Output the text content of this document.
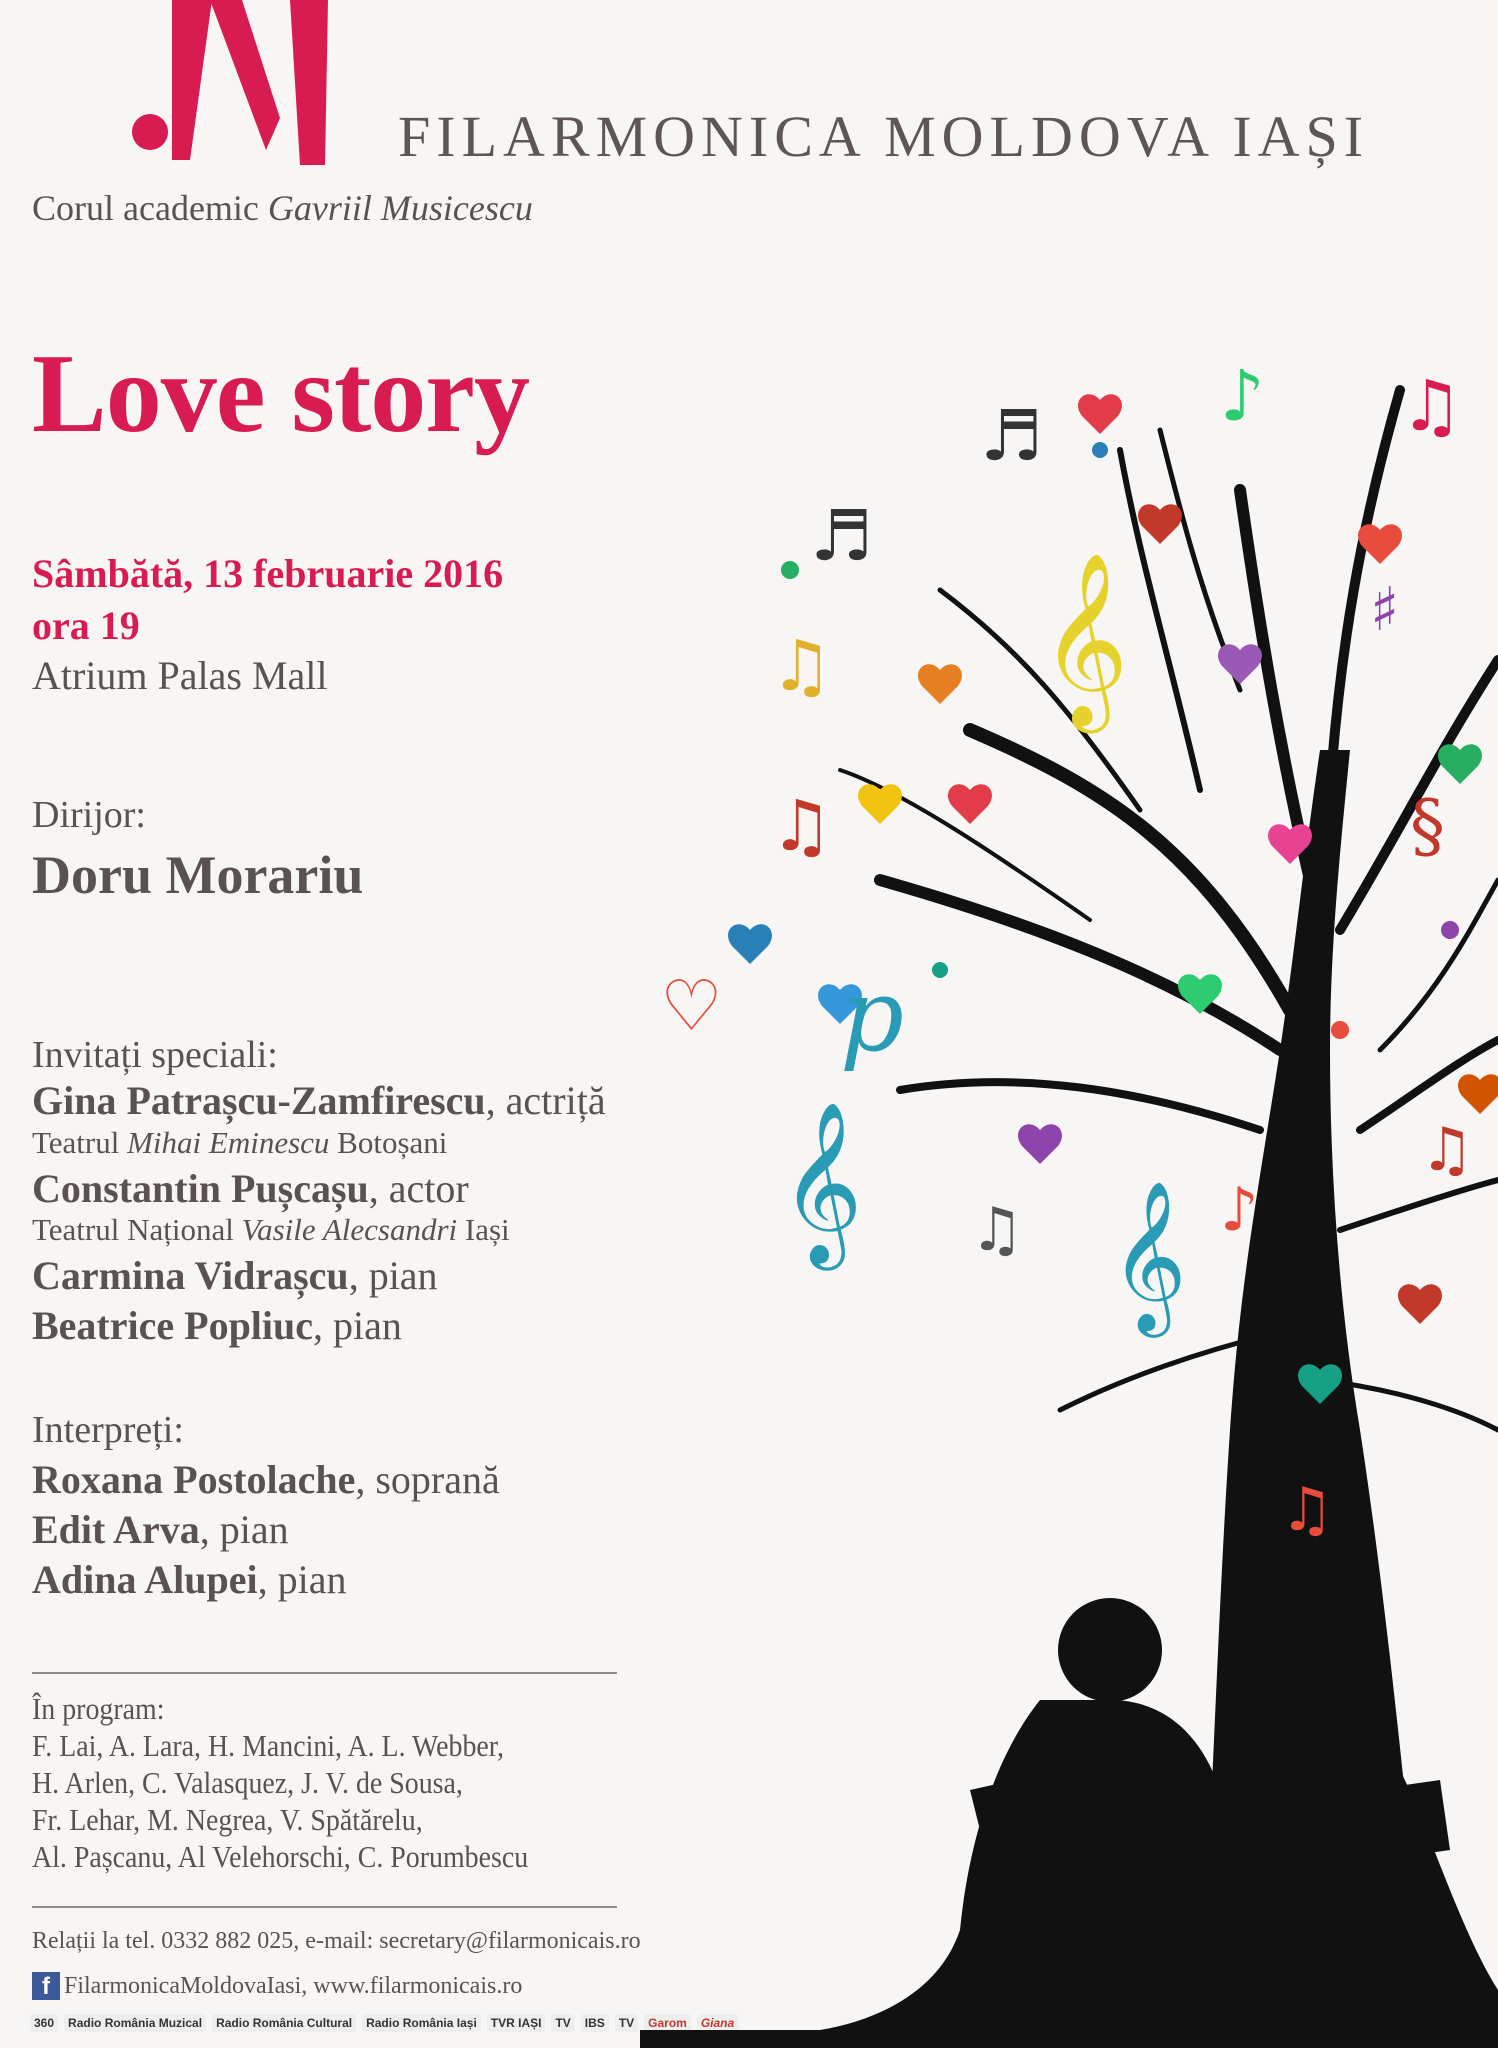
FILARMONICA MOLDOVA IAȘI
Corul academic Gavriil Musicescu
Love story
Sâmbătă, 13 februarie 2016
ora 19
Atrium Palas Mall
Dirijor:
Doru Morariu
Invitați speciali:
Gina Patrașcu-Zamfirescu, actriță
Teatrul Mihai Eminescu Botoșani
Constantin Pușcașu, actor
Teatrul Național Vasile Alecsandri Iași
Carmina Vidrașcu, pian
Beatrice Popliuc, pian
Interpreți:
Roxana Postolache, soprană
Edit Arva, pian
Adina Alupei, pian
În program:
F. Lai, A. Lara, H. Mancini, A. L. Webber,
H. Arlen, C. Valasquez, J. V. de Sousa,
Fr. Lehar, M. Negrea, V. Spătărelu,
Al. Pașcanu, Al Velehorschi, C. Porumbescu
Relații la tel. 0332 882 025, e-mail: secretary@filarmonicais.ro
f FilarmonicaMoldovaIasi, www.filarmonicais.ro
360	Radio România Muzical	Radio România Cultural	Radio România Iași	TVR IAȘI	TV	IBS	TV	Garom	Giana
𝄞
𝄞 𝄞
♬
♬
♫
♫
♪ ♫
♯
§
p
♫
♫
♫
♪
♡
